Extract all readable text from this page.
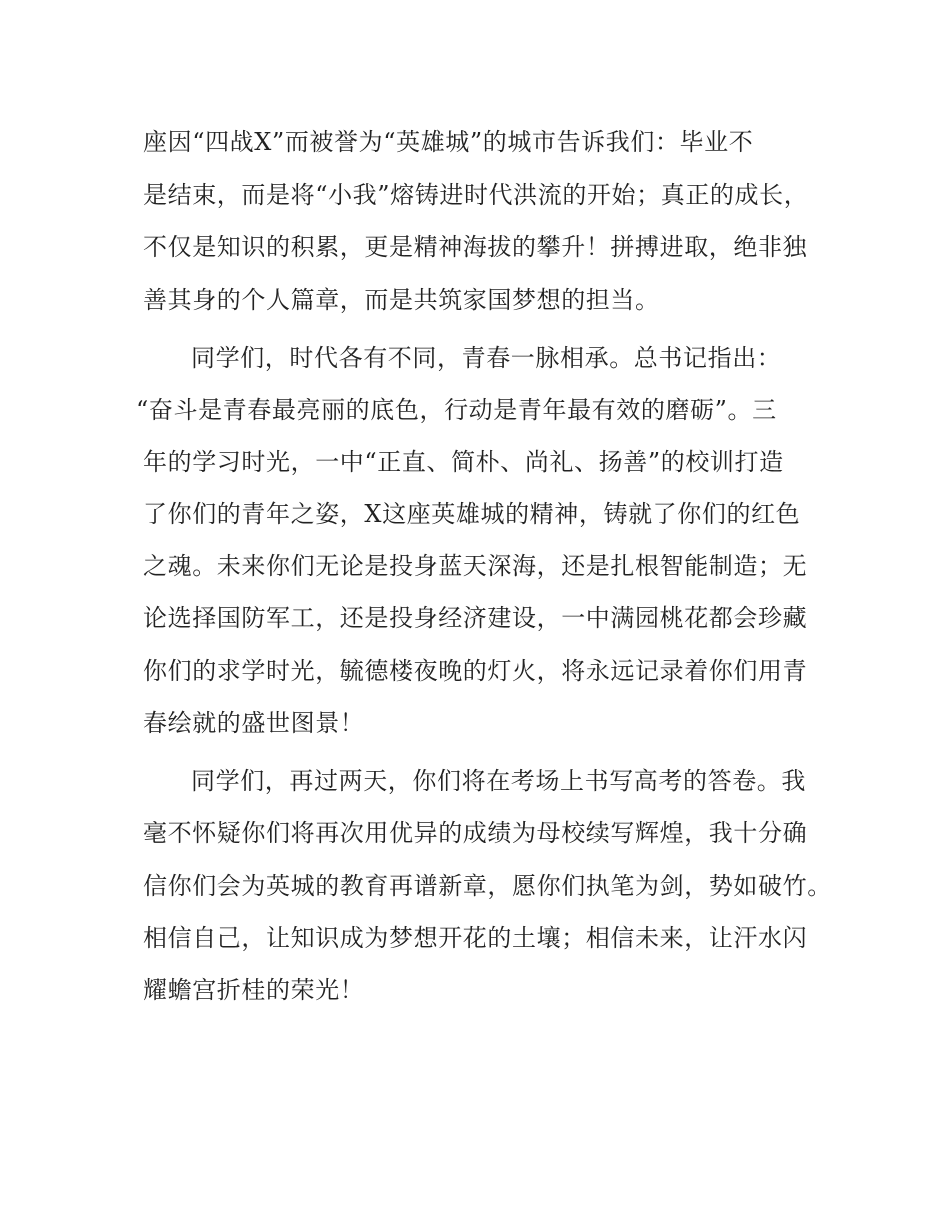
座因“四战X”而被誉为“英雄城”的城市告诉我们：毕业不
是结束，而是将“小我”熔铸进时代洪流的开始；真正的成长，
不仅是知识的积累，更是精神海拔的攀升！拼搏进取，绝非独
善其身的个人篇章，而是共筑家国梦想的担当。
同学们，时代各有不同，青春一脉相承。总书记指出：
“奋斗是青春最亮丽的底色，行动是青年最有效的磨砺”。三
年的学习时光，一中“正直、简朴、尚礼、扬善”的校训打造
了你们的青年之姿，X这座英雄城的精神，铸就了你们的红色
之魂。未来你们无论是投身蓝天深海，还是扎根智能制造；无
论选择国防军工，还是投身经济建设，一中满园桃花都会珍藏
你们的求学时光，毓德楼夜晚的灯火，将永远记录着你们用青
春绘就的盛世图景！
同学们，再过两天，你们将在考场上书写高考的答卷。我
毫不怀疑你们将再次用优异的成绩为母校续写辉煌，我十分确
信你们会为英城的教育再谱新章，愿你们执笔为剑，势如破竹。
相信自己，让知识成为梦想开花的土壤；相信未来，让汗水闪
耀蟾宫折桂的荣光！
